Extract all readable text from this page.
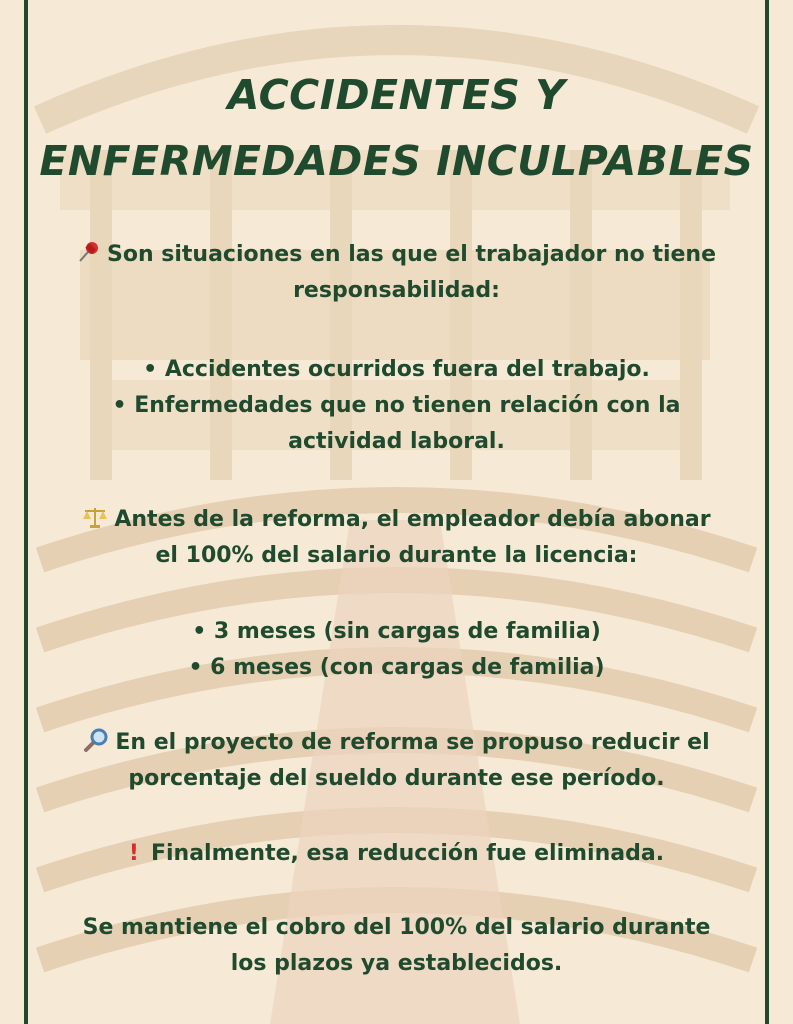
ACCIDENTES Y
ENFERMEDADES INCULPABLES

Son situaciones en las que el trabajador no tiene
responsabilidad:

• Accidentes ocurridos fuera del trabajo.
• Enfermedades que no tienen relación con la
actividad laboral.

Antes de la reforma, el empleador debía abonar
el 100% del salario durante la licencia:

• 3 meses (sin cargas de familia)
• 6 meses (con cargas de familia)

En el proyecto de reforma se propuso reducir el
porcentaje del sueldo durante ese período.

! Finalmente, esa reducción fue eliminada.

Se mantiene el cobro del 100% del salario durante
los plazos ya establecidos.
